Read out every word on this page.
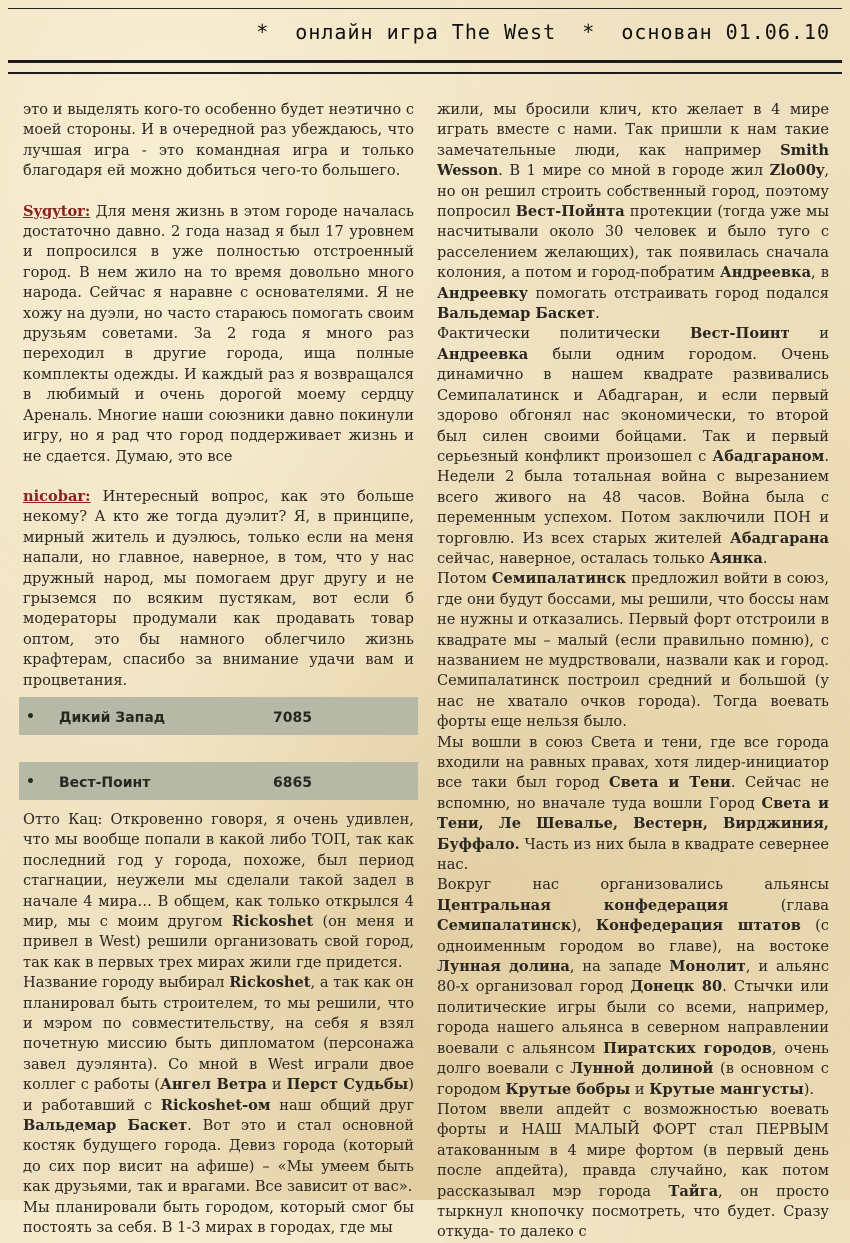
*  онлайн игра The West  *  основан 01.06.10

это и выделять кого-то особенно будет неэтично с моей стороны. И в очередной раз убеждаюсь, что лучшая игра - это командная игра и только благодаря ей можно добиться чего-то большего.

Sygytor: Для меня жизнь в этом городе началась достаточно давно. 2 года назад я был 17 уровнем и попросился в уже полностью отстроенный город. В нем жило на то время довольно много народа. Сейчас я наравне с основателями. Я не хожу на дуэли, но часто стараюсь помогать своим друзьям советами. За 2 года я много раз переходил в другие города, ища полные комплекты одежды. И каждый раз я возвращался в любимый и очень дорогой моему сердцу Ареналь. Многие наши союзники давно покинули игру, но я рад что город поддерживает жизнь и не сдается. Думаю, это все

nicobar: Интересный вопрос, как это больше некому? А кто же тогда дуэлит? Я, в принципе, мирный житель и дуэлюсь, только если на меня напали, но главное, наверное, в том, что у нас дружный народ, мы помогаем друг другу и не грыземся по всяким пустякам, вот если б модераторы продумали как продавать товар оптом, это бы намного облегчило жизнь крафтерам, спасибо за внимание удачи вам и процветания.

• Дикий Запад	7085
• Вест-Поинт	6865

Отто Кац: Откровенно говоря, я очень удивлен, что мы вообще попали в какой либо ТОП, так как последний год у города, похоже, был период стагнации, неужели мы сделали такой задел в начале 4 мира… В общем, как только открылся 4 мир, мы с моим другом Rickoshet (он меня и привел в West) решили организовать свой город, так как в первых трех мирах жили где придется.

Название городу выбирал Rickoshet, а так как он планировал быть строителем, то мы решили, что и мэром по совместительству, на себя я взял почетную миссию быть дипломатом (персонажа завел дуэлянта). Со мной в West играли двое коллег с работы (Ангел Ветра и Перст Судьбы) и работавший с Rickoshet-ом наш общий друг Вальдемар Баскет. Вот это и стал основной костяк будущего города. Девиз города (который до сих пор висит на афише) – «Мы умеем быть как друзьями, так и врагами. Все зависит от вас».

Мы планировали быть городом, который смог бы постоять за себя. В 1-3 мирах в городах, где мы

жили, мы бросили клич, кто желает в 4 мире играть вместе с нами. Так пришли к нам такие замечательные люди, как например Smith Wesson. В 1 мире со мной в городе жил Zlo00y, но он решил строить собственный город, поэтому попросил Вест-Пойнта протекции (тогда уже мы насчитывали около 30 человек и было туго с расселением желающих), так появилась сначала колония, а потом и город-побратим Андреевка, в Андреевку помогать отстраивать город подался Вальдемар Баскет.

Фактически политически Вест-Поинт и Андреевка были одним городом. Очень динамично в нашем квадрате развивались Семипалатинск и Абадгаран, и если первый здорово обгонял нас экономически, то второй был силен своими бойцами. Так и первый серьезный конфликт произошел с Абадгараном. Недели 2 была тотальная война с вырезанием всего живого на 48 часов. Война была с переменным успехом. Потом заключили ПОН и торговлю. Из всех старых жителей Абадгарана сейчас, наверное, осталась только Аянка.

Потом Семипалатинск предложил войти в союз, где они будут боссами, мы решили, что боссы нам не нужны и отказались. Первый форт отстроили в квадрате мы – малый (если правильно помню), с названием не мудрствовали, назвали как и город. Семипалатинск построил средний и большой (у нас не хватало очков города). Тогда воевать форты еще нельзя было.

Мы вошли в союз Света и тени, где все города входили на равных правах, хотя лидер-инициатор все таки был город Света и Тени. Сейчас не вспомню, но вначале туда вошли Город Света и Тени, Ле Шевалье, Вестерн, Вирджиния, Буффало. Часть из них была в квадрате севернее нас.

Вокруг нас организовались альянсы Центральная конфедерация (глава Семипалатинск), Конфедерация штатов (с одноименным городом во главе), на востоке Лунная долина, на западе Монолит, и альянс 80-х организовал город Донецк 80. Стычки или политические игры были со всеми, например, города нашего альянса в северном направлении воевали с альянсом Пиратских городов, очень долго воевали с Лунной долиной (в основном с городом Крутые бобры и Крутые мангусты).

Потом ввели апдейт с возможностью воевать форты и НАШ МАЛЫЙ ФОРТ стал ПЕРВЫМ атакованным в 4 мире фортом (в первый день после апдейта), правда случайно, как потом рассказывал мэр города Тайга, он просто тыркнул кнопочку посмотреть, что будет. Сразу откуда- то далеко с
